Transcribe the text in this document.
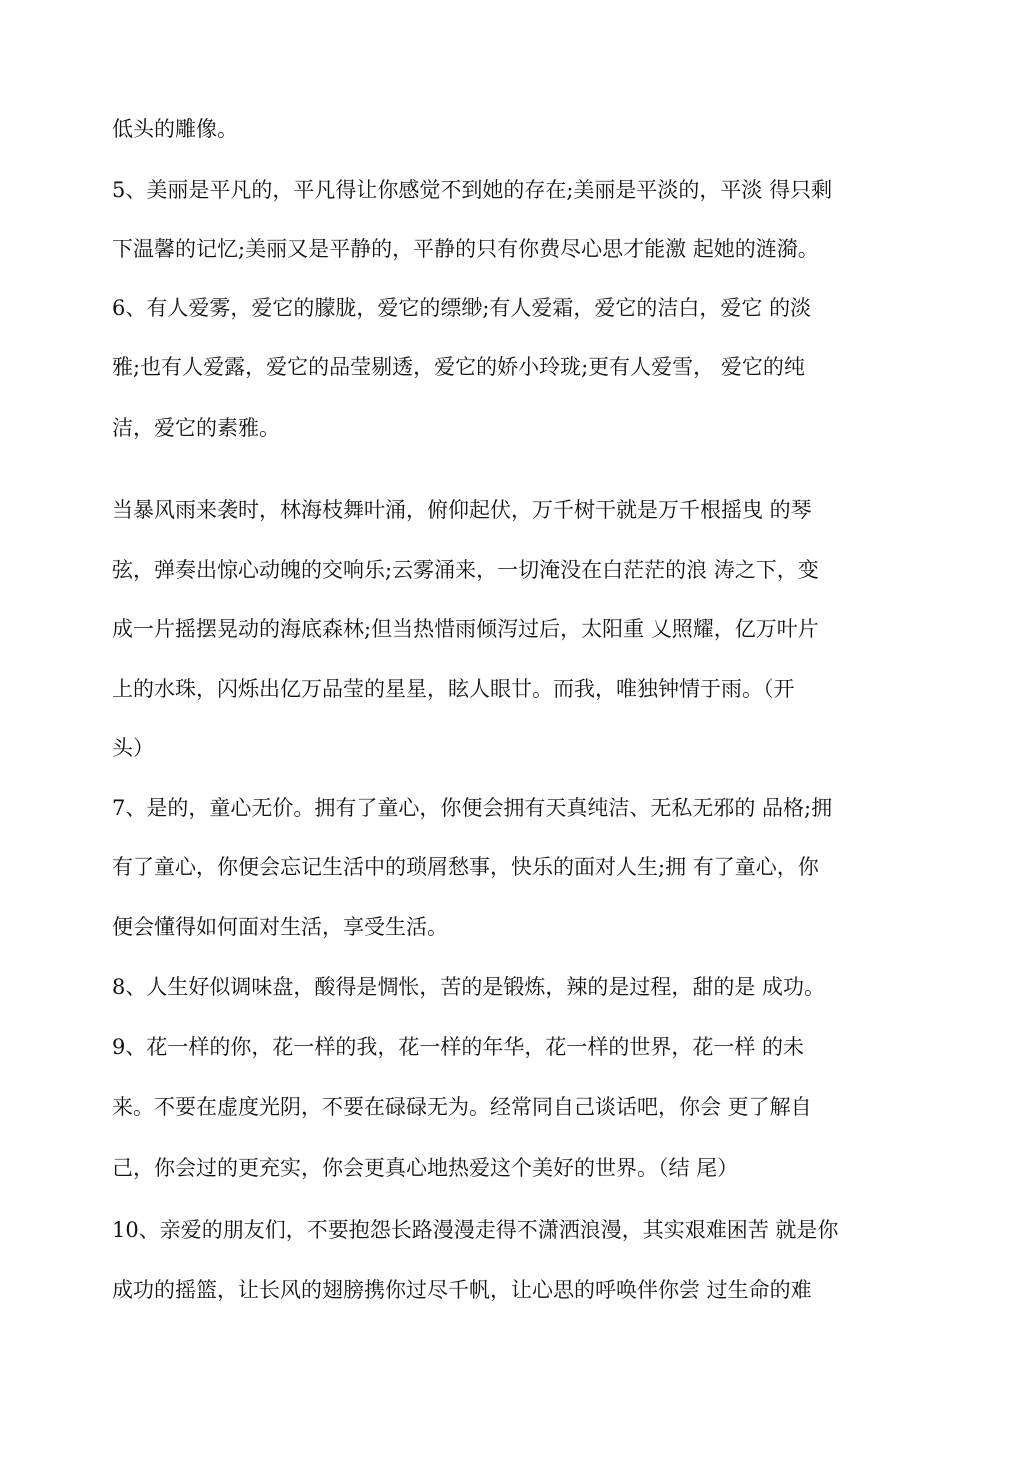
低头的雕像。
5、美丽是平凡的，平凡得让你感觉不到她的存在;美丽是平淡的，平淡 得只剩
下温馨的记忆;美丽又是平静的，平静的只有你费尽心思才能激 起她的涟漪。
6、有人爱雾，爱它的朦胧，爱它的缥缈;有人爱霜，爱它的洁白，爱它 的淡
雅;也有人爱露，爱它的品莹剔透，爱它的娇小玲珑;更有人爱雪， 爱它的纯
洁，爱它的素雅。
当暴风雨来袭时，林海枝舞叶涌，俯仰起伏，万千树干就是万千根摇曳 的琴
弦，弹奏出惊心动魄的交响乐;云雾涌来，一切淹没在白茫茫的浪 涛之下，变
成一片摇摆晃动的海底森林;但当热惜雨倾泻过后，太阳重 乂照耀，亿万叶片
上的水珠，闪烁出亿万品莹的星星，眩人眼廿。而我，唯独钟情于雨。（开
头）
7、是的，童心无价。拥有了童心，你便会拥有天真纯洁、无私无邪的 品格;拥
有了童心，你便会忘记生活中的琐屑愁事，快乐的面对人生;拥 有了童心，你
便会懂得如何面对生活，享受生活。
8、人生好似调味盘，酸得是惆怅，苦的是锻炼，辣的是过程，甜的是 成功。
9、花一样的你，花一样的我，花一样的年华，花一样的世界，花一样 的未
来。不要在虚度光阴，不要在碌碌无为。经常同自己谈话吧，你会 更了解自
己，你会过的更充实，你会更真心地热爱这个美好的世界。（结 尾）
10、亲爱的朋友们，不要抱怨长路漫漫走得不潇洒浪漫，其实艰难困苦 就是你
成功的摇篮，让长风的翅膀携你过尽千帆，让心思的呼唤伴你尝 过生命的难
